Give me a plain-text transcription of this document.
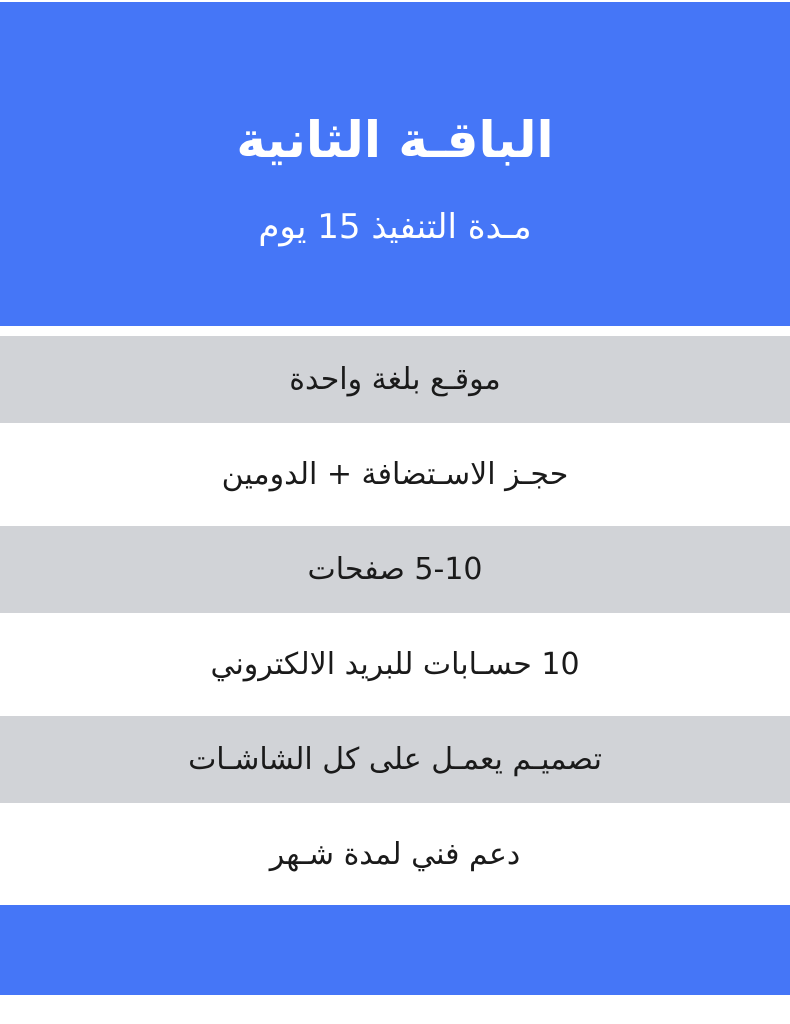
الباقـة الثانية
مـدة التنفيذ 15 يوم
موقـع بلغة واحدة
حجـز الاسـتضافة + الدومين
5-10 صفحات
10 حسـابات للبريد الالكتروني
تصميـم يعمـل على كل الشاشـات
دعم فني لمدة شـهر
